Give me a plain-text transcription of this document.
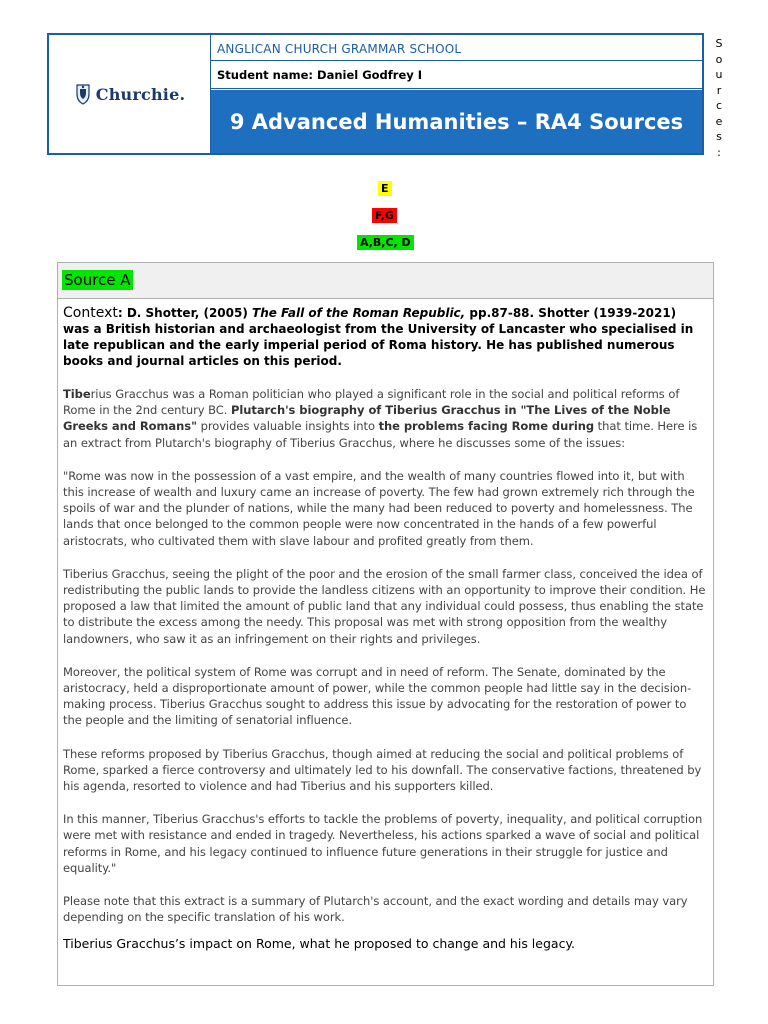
Churchie.
ANGLICAN CHURCH GRAMMAR SCHOOL
Student name: Daniel Godfrey I
9 Advanced Humanities – RA4 Sources
S
o
u
r
c
e
s
:
E
F,G
A,B,C, D
Source A

Context: D. Shotter, (2005) The Fall of the Roman Republic, pp.87-88. Shotter (1939-2021) was a British historian and archaeologist from the University of Lancaster who specialised in late republican and the early imperial period of Roma history. He has published numerous books and journal articles on this period.

Tiberius Gracchus was a Roman politician who played a significant role in the social and political reforms of Rome in the 2nd century BC. Plutarch's biography of Tiberius Gracchus in "The Lives of the Noble Greeks and Romans" provides valuable insights into the problems facing Rome during that time. Here is an extract from Plutarch's biography of Tiberius Gracchus, where he discusses some of the issues:

"Rome was now in the possession of a vast empire, and the wealth of many countries flowed into it, but with this increase of wealth and luxury came an increase of poverty. The few had grown extremely rich through the spoils of war and the plunder of nations, while the many had been reduced to poverty and homelessness. The lands that once belonged to the common people were now concentrated in the hands of a few powerful aristocrats, who cultivated them with slave labour and profited greatly from them.

Tiberius Gracchus, seeing the plight of the poor and the erosion of the small farmer class, conceived the idea of redistributing the public lands to provide the landless citizens with an opportunity to improve their condition. He proposed a law that limited the amount of public land that any individual could possess, thus enabling the state to distribute the excess among the needy. This proposal was met with strong opposition from the wealthy landowners, who saw it as an infringement on their rights and privileges.

Moreover, the political system of Rome was corrupt and in need of reform. The Senate, dominated by the aristocracy, held a disproportionate amount of power, while the common people had little say in the decision-making process. Tiberius Gracchus sought to address this issue by advocating for the restoration of power to the people and the limiting of senatorial influence.

These reforms proposed by Tiberius Gracchus, though aimed at reducing the social and political problems of Rome, sparked a fierce controversy and ultimately led to his downfall. The conservative factions, threatened by his agenda, resorted to violence and had Tiberius and his supporters killed.

In this manner, Tiberius Gracchus's efforts to tackle the problems of poverty, inequality, and political corruption were met with resistance and ended in tragedy. Nevertheless, his actions sparked a wave of social and political reforms in Rome, and his legacy continued to influence future generations in their struggle for justice and equality."

Please note that this extract is a summary of Plutarch's account, and the exact wording and details may vary depending on the specific translation of his work.

Tiberius Gracchus’s impact on Rome, what he proposed to change and his legacy.
